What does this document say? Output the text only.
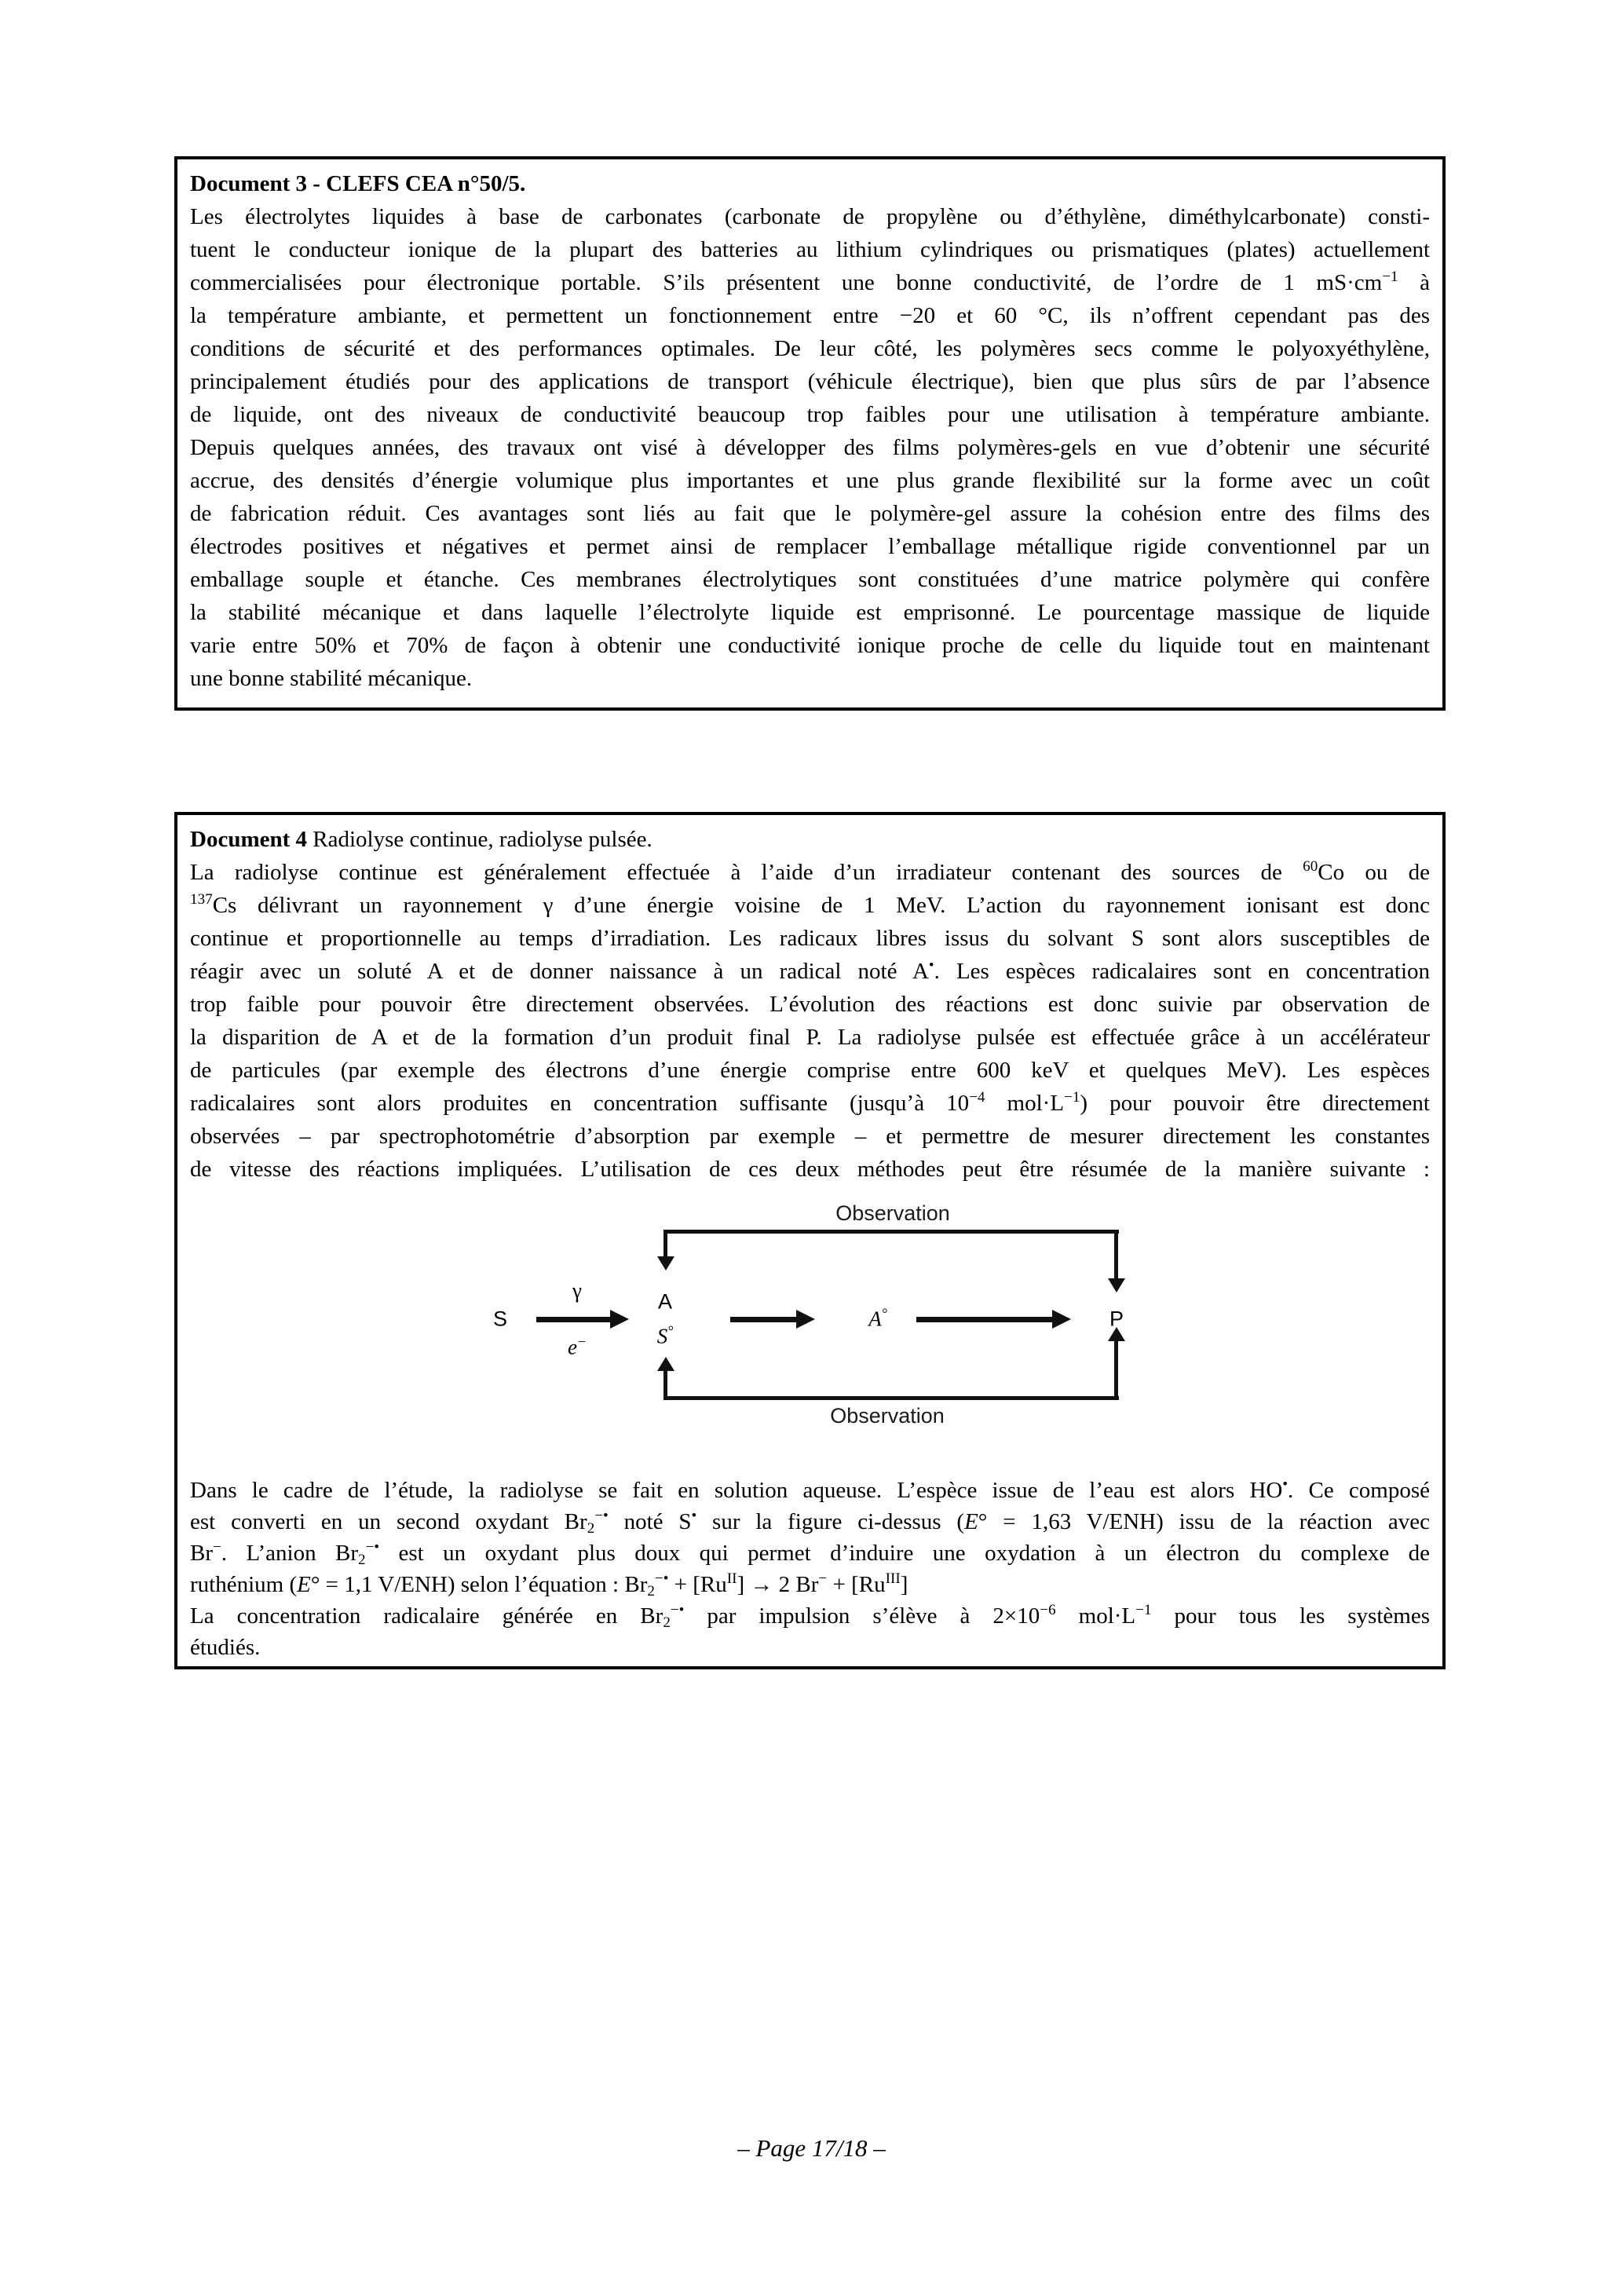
Document 3 - CLEFS CEA n°50/5.
Les électrolytes liquides à base de carbonates (carbonate de propylène ou d’éthylène, diméthylcarbonate) consti-
tuent le conducteur ionique de la plupart des batteries au lithium cylindriques ou prismatiques (plates) actuellement
commercialisées pour électronique portable. S’ils présentent une bonne conductivité, de l’ordre de 1 $mS\cdot cm^{-1}$ à
la température ambiante, et permettent un fonctionnement entre −20 et 60 °C, ils n’offrent cependant pas des
conditions de sécurité et des performances optimales. De leur côté, les polymères secs comme le polyoxyéthylène,
principalement étudiés pour des applications de transport (véhicule électrique), bien que plus sûrs de par l’absence
de liquide, ont des niveaux de conductivité beaucoup trop faibles pour une utilisation à température ambiante.
Depuis quelques années, des travaux ont visé à développer des films polymères-gels en vue d’obtenir une sécurité
accrue, des densités d’énergie volumique plus importantes et une plus grande flexibilité sur la forme avec un coût
de fabrication réduit. Ces avantages sont liés au fait que le polymère-gel assure la cohésion entre des films des
électrodes positives et négatives et permet ainsi de remplacer l’emballage métallique rigide conventionnel par un
emballage souple et étanche. Ces membranes électrolytiques sont constituées d’une matrice polymère qui confère
la stabilité mécanique et dans laquelle l’électrolyte liquide est emprisonné. Le pourcentage massique de liquide
varie entre 50% et 70% de façon à obtenir une conductivité ionique proche de celle du liquide tout en maintenant
une bonne stabilité mécanique.
Document 4 Radiolyse continue, radiolyse pulsée.
La radiolyse continue est généralement effectuée à l’aide d’un irradiateur contenant des sources de $^{60}$Co ou de
$^{137}$Cs délivrant un rayonnement γ d’une énergie voisine de 1 MeV. L’action du rayonnement ionisant est donc
continue et proportionnelle au temps d’irradiation. Les radicaux libres issus du solvant S sont alors susceptibles de
réagir avec un soluté A et de donner naissance à un radical noté A•. Les espèces radicalaires sont en concentration
trop faible pour pouvoir être directement observées. L’évolution des réactions est donc suivie par observation de
la disparition de A et de la formation d’un produit final P. La radiolyse pulsée est effectuée grâce à un accélérateur
de particules (par exemple des électrons d’une énergie comprise entre 600 keV et quelques MeV). Les espèces
radicalaires sont alors produites en concentration suffisante (jusqu’à $10^{-4}$ $mol\cdot L^{-1}$) pour pouvoir être directement
observées – par spectrophotométrie d’absorption par exemple – et permettre de mesurer directement les constantes
de vitesse des réactions impliquées. L’utilisation de ces deux méthodes peut être résumée de la manière suivante :
Observation
S
γ
e−
A
S°
A°	P
Observation
Dans le cadre de l’étude, la radiolyse se fait en solution aqueuse. L’espèce issue de l’eau est alors HO•. Ce composé
est converti en un second oxydant $Br_2^{-•}$ noté S• sur la figure ci-dessus (E° = 1,63 V/ENH) issu de la réaction avec
Br−. L’anion $Br_2^{-•}$ est un oxydant plus doux qui permet d’induire une oxydation à un électron du complexe de
ruthénium (E° = 1,1 V/ENH) selon l’équation : $Br_2^{-•} + [Ru^{II}] \to 2$ $Br^- + [Ru^{III}]$
La concentration radicalaire générée en $Br_2^{-•}$ par impulsion s’élève à $2\times 10^{-6}$ $mol\cdot L^{-1}$ pour tous les systèmes
étudiés.
– Page 17/18 –
